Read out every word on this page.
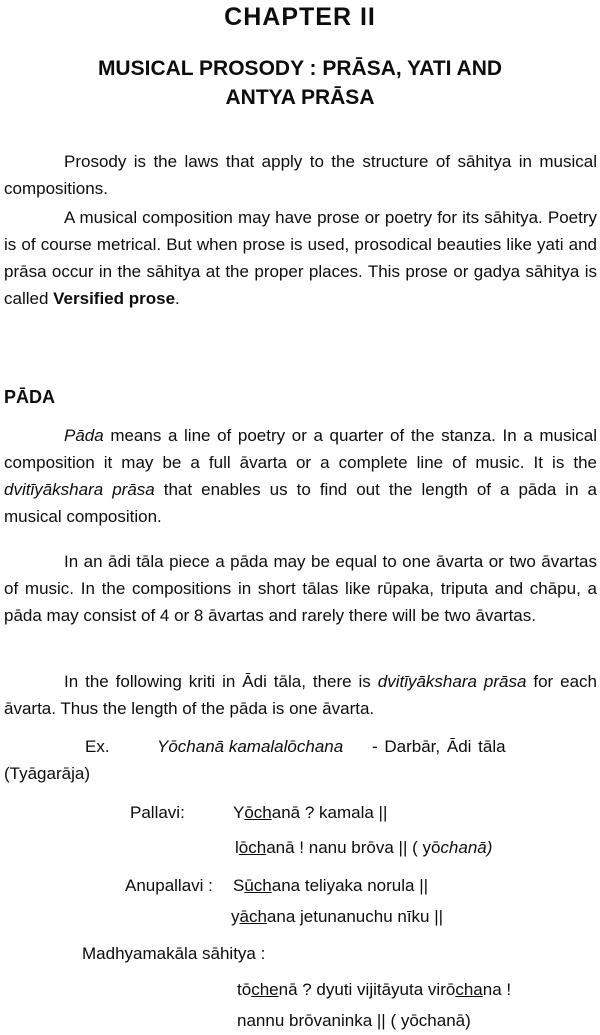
CHAPTER II
MUSICAL PROSODY : PRĀSA, YATI AND
ANTYA PRĀSA
Prosody is the laws that apply to the structure of sāhitya in musical compositions.
A musical composition may have prose or poetry for its sāhitya. Poetry is of course metrical. But when prose is used, prosodical beauties like yati and prāsa occur in the sāhitya at the proper places. This prose or gadya sāhitya is called Versified prose.
PĀDA
Pāda means a line of poetry or a quarter of the stanza. In a musical composition it may be a full āvarta or a complete line of music. It is the dvitīyākshara prāsa that enables us to find out the length of a pāda in a musical composition.
In an ādi tāla piece a pāda may be equal to one āvarta or two āvartas of music. In the compositions in short tālas like rūpaka, triputa and chāpu, a pāda may consist of 4 or 8 āvartas and rarely there will be two āvartas.
In the following kriti in Ādi tāla, there is dvitīyākshara prāsa for each āvarta. Thus the length of the pāda is one āvarta.
Ex.	Yōchanā kamalalōchana - Darbār, Ādi tāla
(Tyāgarāja)
Pallavi:	Yōchanā ? kamala ||
lōchanā ! nanu brōva || ( yōchanā)
Anupallavi : Sūchana teliyaka norula ||
yāchana jetunanuchu nīku ||
Madhyamakāla sāhitya :
tōchenā ? dyuti vijitāyuta virōchana !
nannu brōvaninka || ( yōchanā)
